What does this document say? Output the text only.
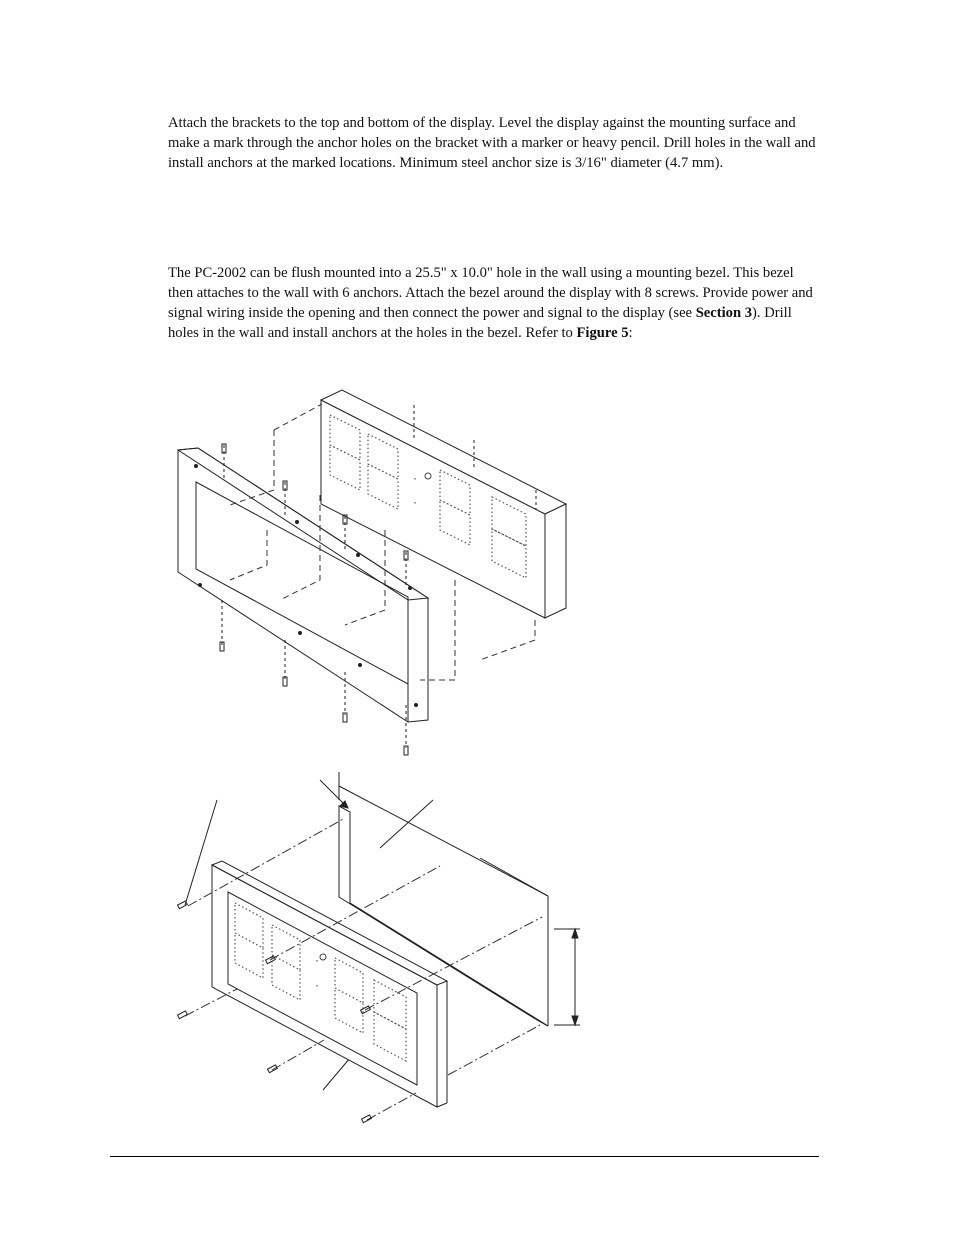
Attach the brackets to the top and bottom of the display. Level the display against the mounting surface and make a mark through the anchor holes on the bracket with a marker or heavy pencil. Drill holes in the wall and install anchors at the marked locations. Minimum steel anchor size is 3/16" diameter (4.7 mm).

The PC-2002 can be flush mounted into a 25.5" x 10.0" hole in the wall using a mounting bezel. This bezel then attaches to the wall with 6 anchors. Attach the bezel around the display with 8 screws. Provide power and signal wiring inside the opening and then connect the power and signal to the display (see Section 3). Drill holes in the wall and install anchors at the holes in the bezel. Refer to Figure 5:
